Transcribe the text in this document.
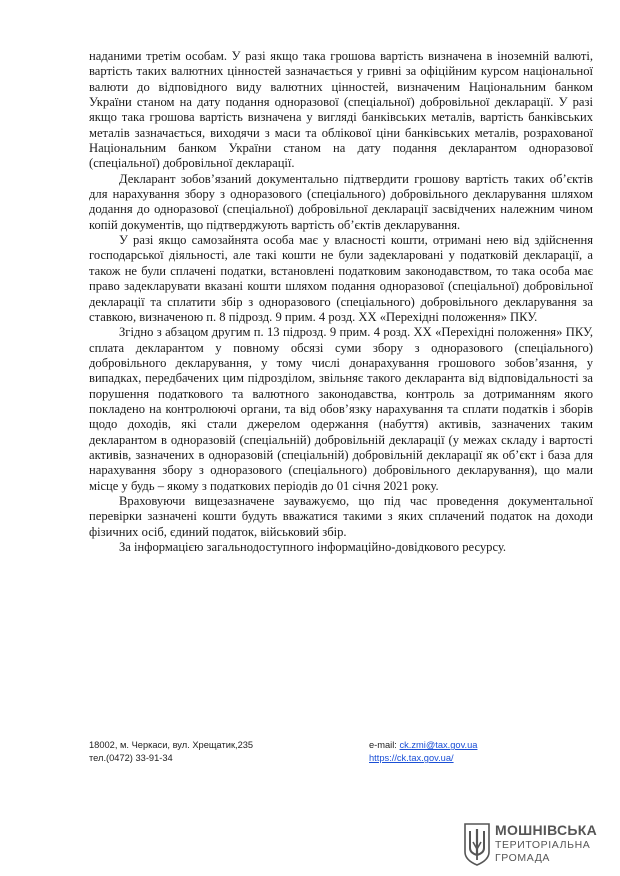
наданими третім особам. У разі якщо така грошова вартість визначена в іноземній валюті, вартість таких валютних цінностей зазначається у гривні за офіційним курсом національної валюти до відповідного виду валютних цінностей, визначеним Національним банком України станом на дату подання одноразової (спеціальної) добровільної декларації. У разі якщо така грошова вартість визначена у вигляді банківських металів, вартість банківських металів зазначається, виходячи з маси та облікової ціни банківських металів, розрахованої Національним банком України станом на дату подання декларантом одноразової (спеціальної) добровільної декларації.

Декларант зобов’язаний документально підтвердити грошову вартість таких об’єктів для нарахування збору з одноразового (спеціального) добровільного декларування шляхом додання до одноразової (спеціальної) добровільної декларації засвідчених належним чином копій документів, що підтверджують вартість об’єктів декларування.

У разі якщо самозайнята особа має у власності кошти, отримані нею від здійснення господарської діяльності, але такі кошти не були задекларовані у податковій декларації, а також не були сплачені податки, встановлені податковим законодавством, то така особа має право задекларувати вказані кошти шляхом подання одноразової (спеціальної) добровільної декларації та сплатити збір з одноразового (спеціального) добровільного декларування за ставкою, визначеною п. 8 підрозд. 9 прим. 4 розд. ХХ «Перехідні положення» ПКУ.

Згідно з абзацом другим п. 13 підрозд. 9 прим. 4 розд. ХХ «Перехідні положення» ПКУ, сплата декларантом у повному обсязі суми збору з одноразового (спеціального) добровільного декларування, у тому числі донарахування грошового зобов’язання, у випадках, передбачених цим підрозділом, звільняє такого декларанта від відповідальності за порушення податкового та валютного законодавства, контроль за дотриманням якого покладено на контролюючі органи, та від обов’язку нарахування та сплати податків і зборів щодо доходів, які стали джерелом одержання (набуття) активів, зазначених таким декларантом в одноразовій (спеціальній) добровільній декларації (у межах складу і вартості активів, зазначених в одноразовій (спеціальній) добровільній декларації як об’єкт і база для нарахування збору з одноразового (спеціального) добровільного декларування), що мали місце у будь – якому з податкових періодів до 01 січня 2021 року.

Враховуючи вищезазначене зауважуємо, що під час проведення документальної перевірки зазначені кошти будуть вважатися такими з яких сплачений податок на доходи фізичних осіб, єдиний податок, військовий збір.

За інформацією загальнодоступного інформаційно-довідкового ресурсу.

18002, м. Черкаси, вул. Хрещатик,235
тел.(0472) 33-91-34
e-mail: ck.zmi@tax.gov.ua
https://ck.tax.gov.ua/
МОШНІВСЬКА
ТЕРИТОРІАЛЬНА
ГРОМАДА
